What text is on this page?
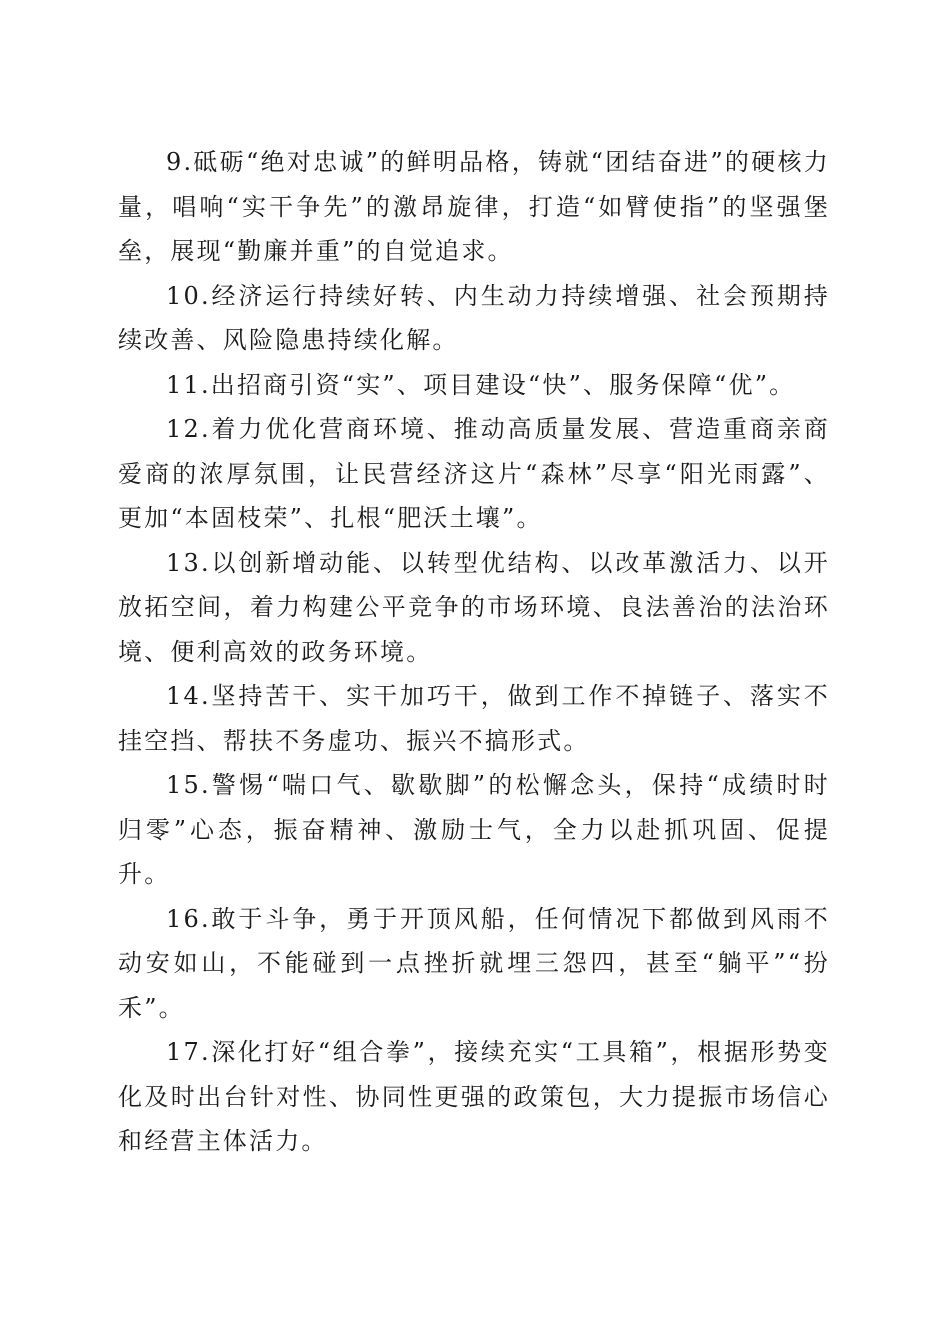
9.砥砺“绝对忠诚”的鲜明品格，铸就“团结奋进”的硬核力量，唱响“实干争先”的激昂旋律，打造“如臂使指”的坚强堡垒，展现“勤廉并重”的自觉追求。

10.经济运行持续好转、内生动力持续增强、社会预期持续改善、风险隐患持续化解。

11.出招商引资“实”、项目建设“快”、服务保障“优”。

12.着力优化营商环境、推动高质量发展、营造重商亲商爱商的浓厚氛围，让民营经济这片“森林”尽享“阳光雨露”、更加“本固枝荣”、扎根“肥沃土壤”。

13.以创新增动能、以转型优结构、以改革激活力、以开放拓空间，着力构建公平竞争的市场环境、良法善治的法治环境、便利高效的政务环境。

14.坚持苦干、实干加巧干，做到工作不掉链子、落实不挂空挡、帮扶不务虚功、振兴不搞形式。

15.警惕“喘口气、歇歇脚”的松懈念头，保持“成绩时时归零”心态，振奋精神、激励士气，全力以赴抓巩固、促提升。

16.敢于斗争，勇于开顶风船，任何情况下都做到风雨不动安如山，不能碰到一点挫折就埋三怨四，甚至“躺平”“扮禾”。

17.深化打好“组合拳”，接续充实“工具箱”，根据形势变化及时出台针对性、协同性更强的政策包，大力提振市场信心和经营主体活力。
